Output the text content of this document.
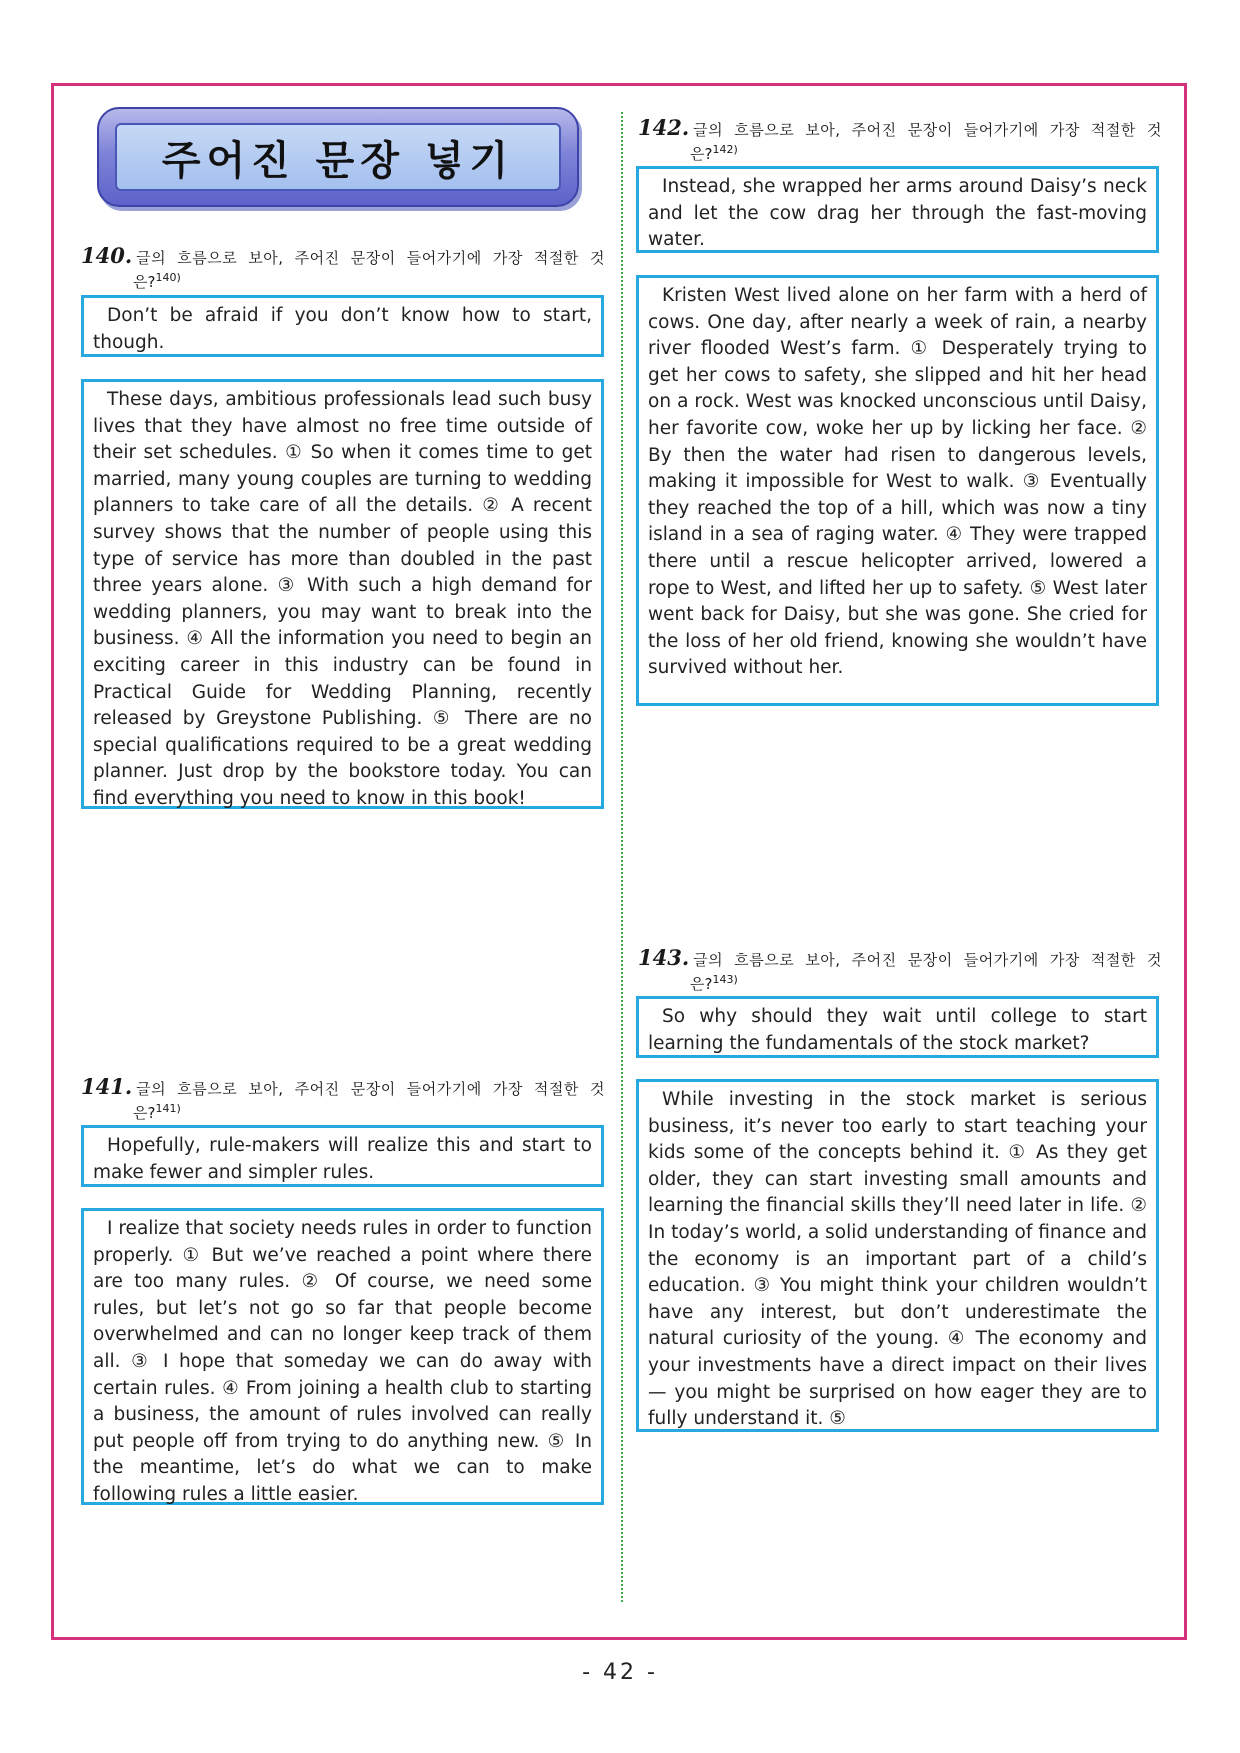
주어진 문장 넣기
140. 글의 흐름으로 보아, 주어진 문장이 들어가기에 가장 적절한 것
은?$^{140)}$

Don’t be afraid if you don’t know how to start, though.

These days, ambitious professionals lead such busy lives that they have almost no free time outside of their set schedules. ① So when it comes time to get married, many young couples are turning to wedding planners to take care of all the details. ② A recent survey shows that the number of people using this type of service has more than doubled in the past three years alone. ③ With such a high demand for wedding planners, you may want to break into the business. ④ All the information you need to begin an exciting career in this industry can be found in Practical Guide for Wedding Planning, recently released by Greystone Publishing. ⑤ There are no special qualifications required to be a great wedding planner. Just drop by the bookstore today. You can find everything you need to know in this book!

141. 글의 흐름으로 보아, 주어진 문장이 들어가기에 가장 적절한 것
은?$^{141)}$

Hopefully, rule-makers will realize this and start to make fewer and simpler rules.

I realize that society needs rules in order to function properly. ① But we’ve reached a point where there are too many rules. ② Of course, we need some rules, but let’s not go so far that people become overwhelmed and can no longer keep track of them all. ③ I hope that someday we can do away with certain rules. ④ From joining a health club to starting a business, the amount of rules involved can really put people off from trying to do anything new. ⑤ In the meantime, let’s do what we can to make following rules a little easier.

142. 글의 흐름으로 보아, 주어진 문장이 들어가기에 가장 적절한 것
은?$^{142)}$

Instead, she wrapped her arms around Daisy’s neck and let the cow drag her through the fast-moving water.

Kristen West lived alone on her farm with a herd of cows. One day, after nearly a week of rain, a nearby river flooded West’s farm. ① Desperately trying to get her cows to safety, she slipped and hit her head on a rock. West was knocked unconscious until Daisy, her favorite cow, woke her up by licking her face. ② By then the water had risen to dangerous levels, making it impossible for West to walk. ③ Eventually they reached the top of a hill, which was now a tiny island in a sea of raging water. ④ They were trapped there until a rescue helicopter arrived, lowered a rope to West, and lifted her up to safety. ⑤ West later went back for Daisy, but she was gone. She cried for the loss of her old friend, knowing she wouldn’t have survived without her.

143. 글의 흐름으로 보아, 주어진 문장이 들어가기에 가장 적절한 것
은?$^{143)}$

So why should they wait until college to start learning the fundamentals of the stock market?

While investing in the stock market is serious business, it’s never too early to start teaching your kids some of the concepts behind it. ① As they get older, they can start investing small amounts and learning the financial skills they’ll need later in life. ② In today’s world, a solid understanding of finance and the economy is an important part of a child’s education. ③ You might think your children wouldn’t have any interest, but don’t underestimate the natural curiosity of the young. ④ The economy and your investments have a direct impact on their lives — you might be surprised on how eager they are to fully understand it. ⑤

- 42 -
